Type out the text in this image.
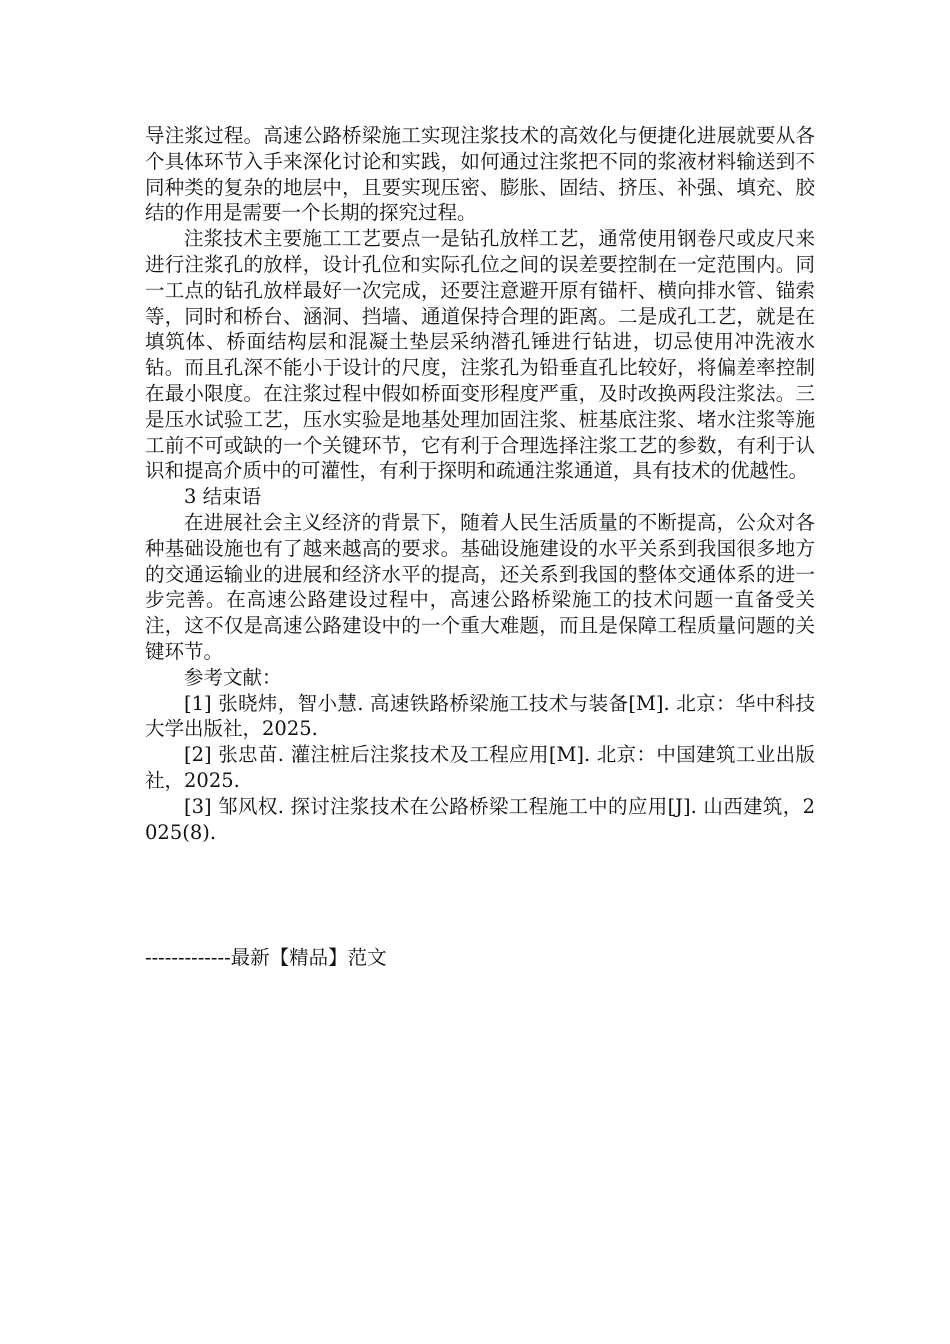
导注浆过程。高速公路桥梁施工实现注浆技术的高效化与便捷化进展就要从各个具体环节入手来深化讨论和实践，如何通过注浆把不同的浆液材料输送到不同种类的复杂的地层中，且要实现压密、膨胀、固结、挤压、补强、填充、胶结的作用是需要一个长期的探究过程。

注浆技术主要施工工艺要点一是钻孔放样工艺，通常使用钢卷尺或皮尺来进行注浆孔的放样，设计孔位和实际孔位之间的误差要控制在一定范围内。同一工点的钻孔放样最好一次完成，还要注意避开原有锚杆、横向排水管、锚索等，同时和桥台、涵洞、挡墙、通道保持合理的距离。二是成孔工艺，就是在填筑体、桥面结构层和混凝土垫层采纳潜孔锤进行钻进，切忌使用冲洗液水钻。而且孔深不能小于设计的尺度，注浆孔为铅垂直孔比较好，将偏差率控制在最小限度。在注浆过程中假如桥面变形程度严重，及时改换两段注浆法。三是压水试验工艺，压水实验是地基处理加固注浆、桩基底注浆、堵水注浆等施工前不可或缺的一个关键环节，它有利于合理选择注浆工艺的参数，有利于认识和提高介质中的可灌性，有利于探明和疏通注浆通道，具有技术的优越性。

3 结束语

在进展社会主义经济的背景下，随着人民生活质量的不断提高，公众对各种基础设施也有了越来越高的要求。基础设施建设的水平关系到我国很多地方的交通运输业的进展和经济水平的提高，还关系到我国的整体交通体系的进一步完善。在高速公路建设过程中，高速公路桥梁施工的技术问题一直备受关注，这不仅是高速公路建设中的一个重大难题，而且是保障工程质量问题的关键环节。

参考文献：

[1] 张晓炜，智小慧. 高速铁路桥梁施工技术与装备[M]. 北京：华中科技大学出版社，2025.

[2] 张忠苗. 灌注桩后注浆技术及工程应用[M]. 北京：中国建筑工业出版社，2025.

[3] 邹风权. 探讨注浆技术在公路桥梁工程施工中的应用[J]. 山西建筑，2025(8).

-------------最新【精品】范文
